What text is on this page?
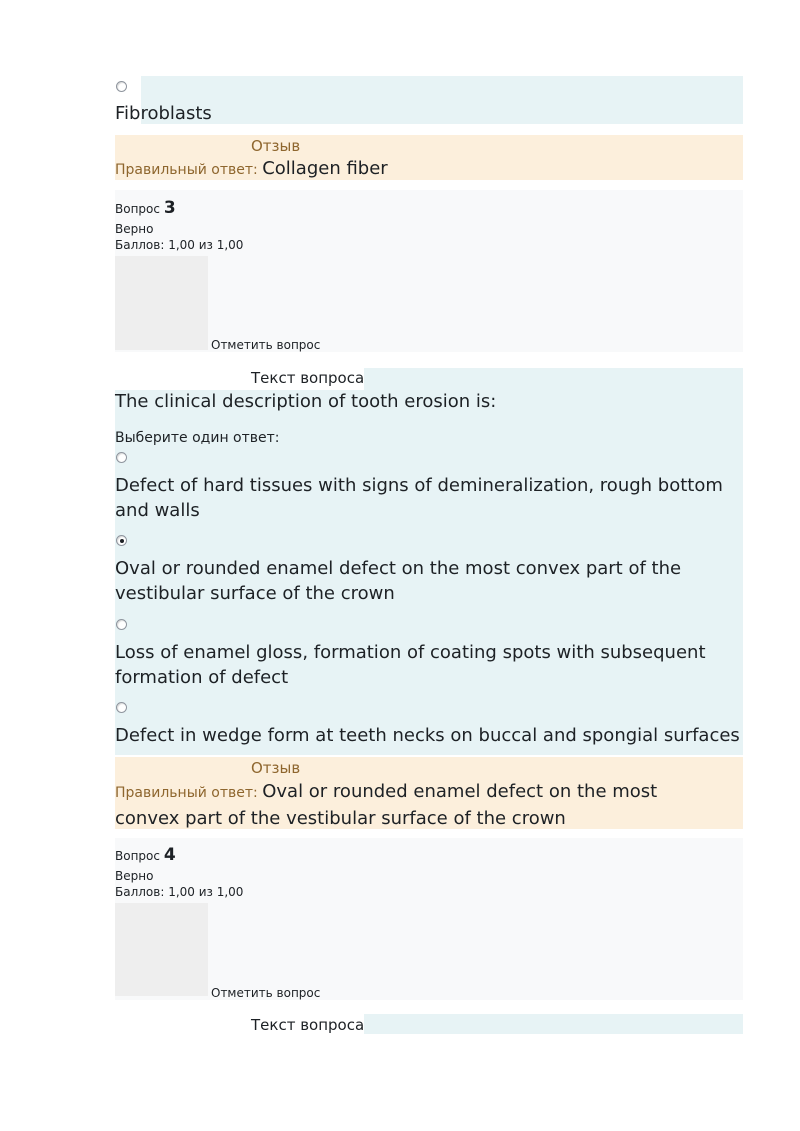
Fibroblasts
Отзыв
Правильный ответ: Collagen fiber
Вопрос 3
Верно
Баллов: 1,00 из 1,00
Отметить вопрос
Текст вопроса
The clinical description of tooth erosion is:
Выберите один ответ:
Defect of hard tissues with signs of demineralization, rough bottom and walls
Oval or rounded enamel defect on the most convex part of the vestibular surface of the crown
Loss of enamel gloss, formation of coating spots with subsequent formation of defect
Defect in wedge form at teeth necks on buccal and spongial surfaces
Отзыв
Правильный ответ: Oval or rounded enamel defect on the most convex part of the vestibular surface of the crown
Вопрос 4
Верно
Баллов: 1,00 из 1,00
Отметить вопрос
Текст вопроса
